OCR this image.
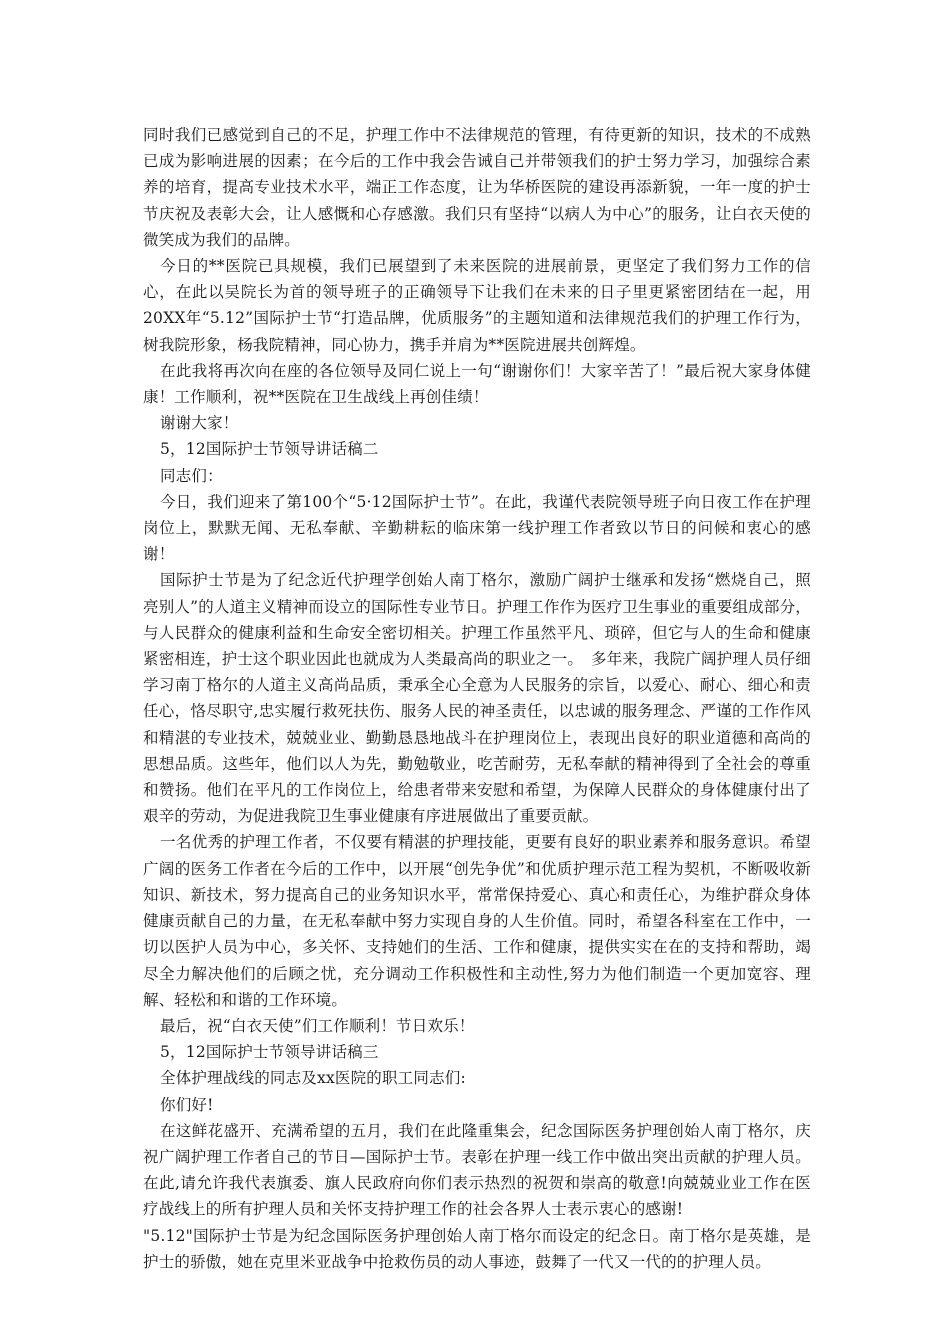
同时我们已感觉到自己的不足，护理工作中不法律规范的管理，有待更新的知识，技术的不成熟已成为影响进展的因素；在今后的工作中我会告诫自己并带领我们的护士努力学习，加强综合素养的培育，提高专业技术水平，端正工作态度，让为华桥医院的建设再添新貌，一年一度的护士节庆祝及表彰大会，让人感慨和心存感激。我们只有坚持“以病人为中心”的服务，让白衣天使的微笑成为我们的品牌。

今日的**医院已具规模，我们已展望到了未来医院的进展前景，更坚定了我们努力工作的信心，在此以吴院长为首的领导班子的正确领导下让我们在未来的日子里更紧密团结在一起，用20XX年“5.12”国际护士节“打造品牌，优质服务”的主题知道和法律规范我们的护理工作行为，树我院形象，杨我院精神，同心协力，携手并肩为**医院进展共创辉煌。

在此我将再次向在座的各位领导及同仁说上一句“谢谢你们！大家辛苦了！”最后祝大家身体健康！工作顺利，祝**医院在卫生战线上再创佳绩！

谢谢大家！

5，12国际护士节领导讲话稿二

同志们：

今日，我们迎来了第100个“5·12国际护士节”。在此，我谨代表院领导班子向日夜工作在护理岗位上，默默无闻、无私奉献、辛勤耕耘的临床第一线护理工作者致以节日的问候和衷心的感谢！

国际护士节是为了纪念近代护理学创始人南丁格尔，激励广阔护士继承和发扬“燃烧自己，照亮别人”的人道主义精神而设立的国际性专业节日。护理工作作为医疗卫生事业的重要组成部分，与人民群众的健康利益和生命安全密切相关。护理工作虽然平凡、琐碎，但它与人的生命和健康紧密相连，护士这个职业因此也就成为人类最高尚的职业之一。　多年来，我院广阔护理人员仔细学习南丁格尔的人道主义高尚品质，秉承全心全意为人民服务的宗旨，以爱心、耐心、细心和责任心，恪尽职守,忠实履行救死扶伤、服务人民的神圣责任，以忠诚的服务理念、严谨的工作作风和精湛的专业技术，兢兢业业、勤勤恳恳地战斗在护理岗位上，表现出良好的职业道德和高尚的思想品质。这些年，他们以人为先，勤勉敬业，吃苦耐劳，无私奉献的精神得到了全社会的尊重和赞扬。他们在平凡的工作岗位上，给患者带来安慰和希望，为保障人民群众的身体健康付出了艰辛的劳动，为促进我院卫生事业健康有序进展做出了重要贡献。

一名优秀的护理工作者，不仅要有精湛的护理技能，更要有良好的职业素养和服务意识。希望广阔的医务工作者在今后的工作中，以开展“创先争优”和优质护理示范工程为契机，不断吸收新知识、新技术，努力提高自己的业务知识水平，常常保持爱心、真心和责任心，为维护群众身体健康贡献自己的力量，在无私奉献中努力实现自身的人生价值。同时，希望各科室在工作中，一切以医护人员为中心，多关怀、支持她们的生活、工作和健康，提供实实在在的支持和帮助，竭尽全力解决他们的后顾之忧，充分调动工作积极性和主动性,努力为他们制造一个更加宽容、理解、轻松和和谐的工作环境。

最后，祝“白衣天使”们工作顺利！节日欢乐！

5，12国际护士节领导讲话稿三

全体护理战线的同志及xx医院的职工同志们:

你们好!

在这鲜花盛开、充满希望的五月，我们在此隆重集会，纪念国际医务护理创始人南丁格尔，庆祝广阔护理工作者自己的节日—国际护士节。表彰在护理一线工作中做出突出贡献的护理人员。在此,请允许我代表旗委、旗人民政府向你们表示热烈的祝贺和崇高的敬意!向兢兢业业工作在医疗战线上的所有护理人员和关怀支持护理工作的社会各界人士表示衷心的感谢!

"5.12"国际护士节是为纪念国际医务护理创始人南丁格尔而设定的纪念日。南丁格尔是英雄，是护士的骄傲，她在克里米亚战争中抢救伤员的动人事迹，鼓舞了一代又一代的的护理人员。
